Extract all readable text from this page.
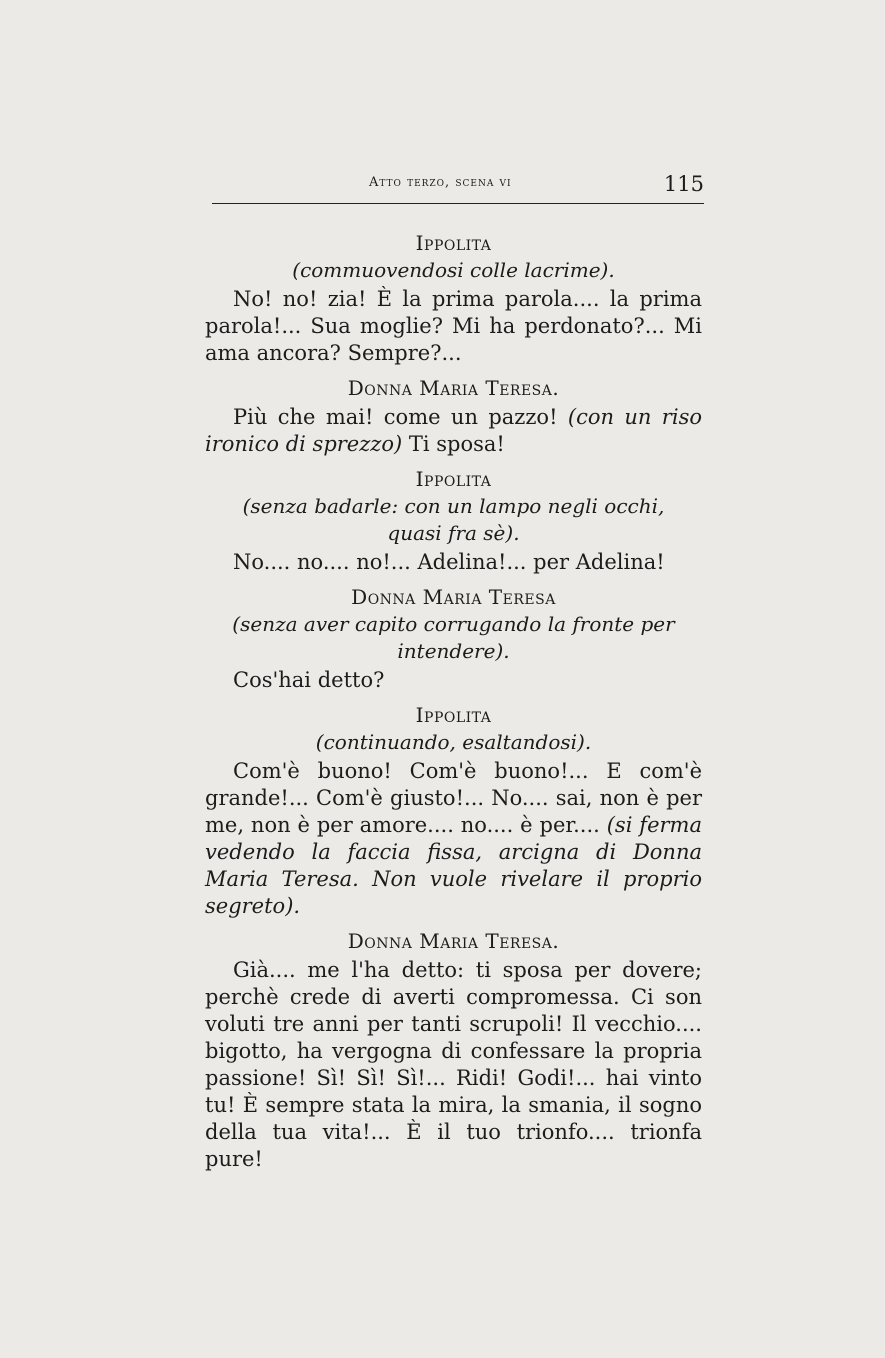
Atto terzo, scena vi	115

Ippolita

(commuovendosi colle lacrime).

No! no! zia! È la prima parola.... la prima parola!... Sua moglie? Mi ha perdonato?... Mi ama ancora? Sempre?...

Donna Maria Teresa.

Più che mai! come un pazzo! (con un riso ironico di sprezzo) Ti sposa!

Ippolita

(senza badarle: con un lampo negli occhi, quasi fra sè).

No.... no.... no!... Adelina!... per Adelina!

Donna Maria Teresa

(senza aver capito corrugando la fronte per intendere).

Cos'hai detto?

Ippolita

(continuando, esaltandosi).

Com'è buono! Com'è buono!... E com'è grande!... Com'è giusto!... No.... sai, non è per me, non è per amore.... no.... è per.... (si ferma vedendo la faccia fissa, arcigna di Donna Maria Teresa. Non vuole rivelare il proprio segreto).

Donna Maria Teresa.

Già.... me l'ha detto: ti sposa per dovere; perchè crede di averti compromessa. Ci son voluti tre anni per tanti scrupoli! Il vecchio.... bigotto, ha vergogna di confessare la propria passione! Sì! Sì! Sì!... Ridi! Godi!... hai vinto tu! È sempre stata la mira, la smania, il sogno della tua vita!... È il tuo trionfo.... trionfa pure!
